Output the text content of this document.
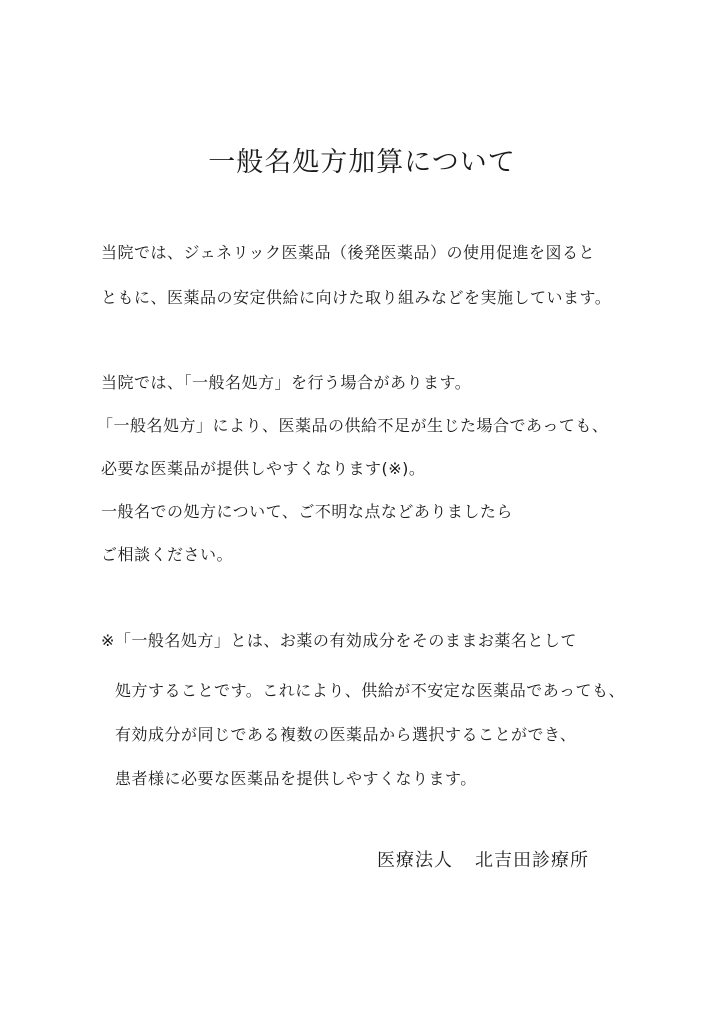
一般名処方加算について

当院では、ジェネリック医薬品（後発医薬品）の使用促進を図ると

ともに、医薬品の安定供給に向けた取り組みなどを実施しています。

当院では、「一般名処方」を行う場合があります。

「一般名処方」により、医薬品の供給不足が生じた場合であっても、

必要な医薬品が提供しやすくなります(※)。

一般名での処方について、ご不明な点などありましたら

ご相談ください。

※「一般名処方」とは、お薬の有効成分をそのままお薬名として

処方することです。これにより、供給が不安定な医薬品であっても、

有効成分が同じである複数の医薬品から選択することができ、

患者様に必要な医薬品を提供しやすくなります。

医療法人 北吉田診療所
